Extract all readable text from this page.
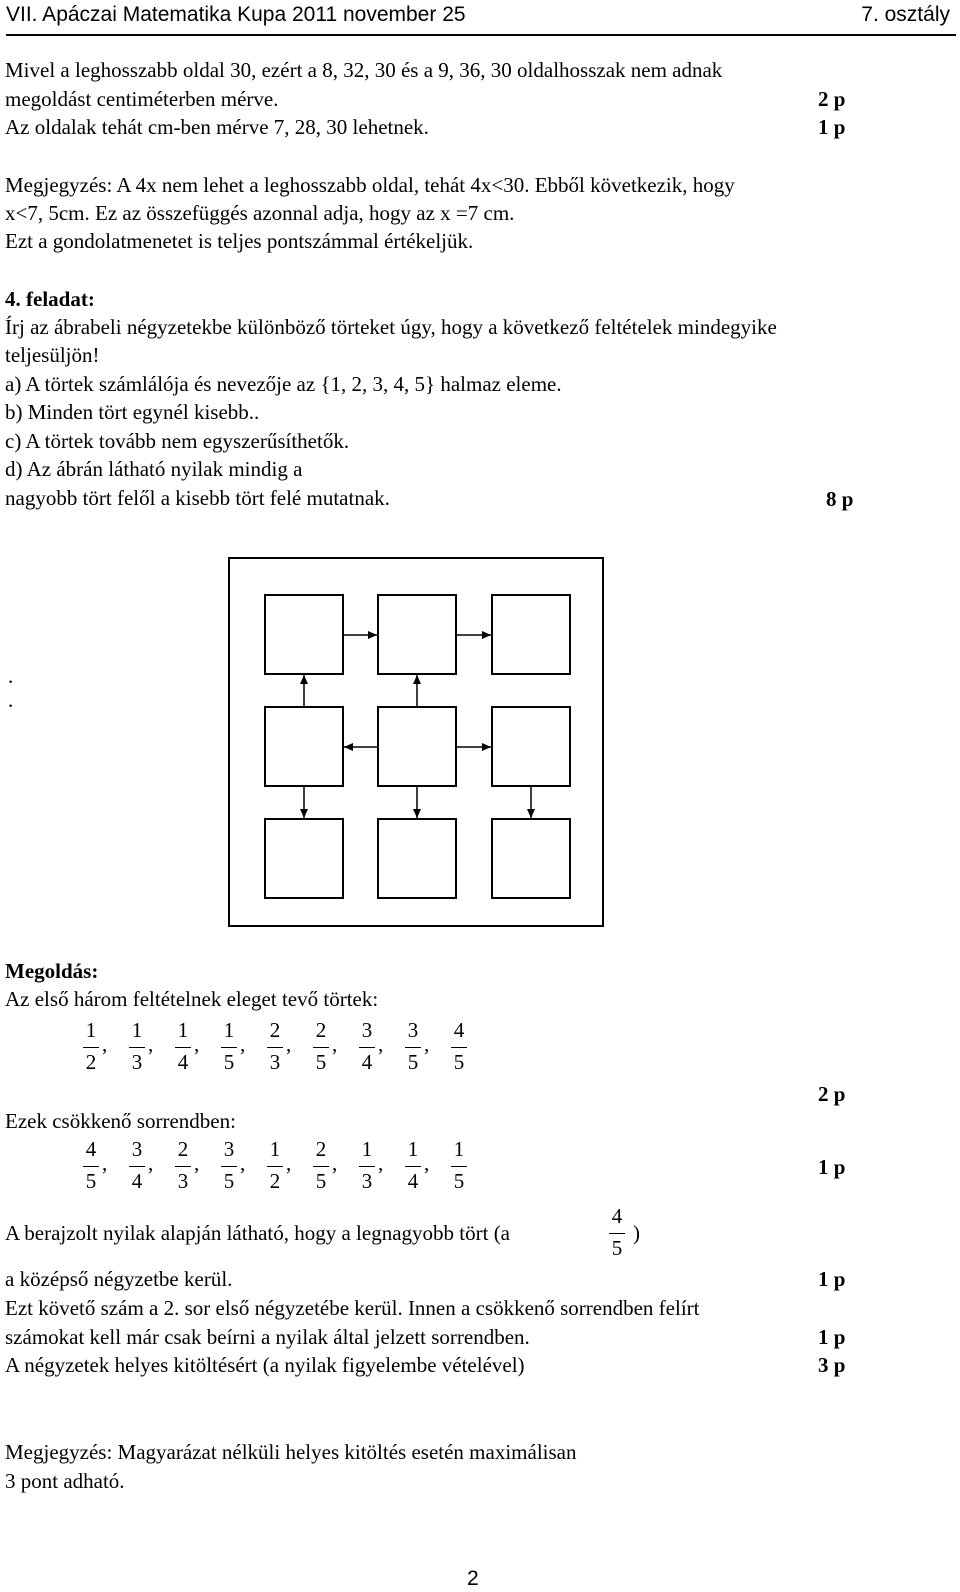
VII. Apáczai Matematika Kupa 2011 november 25	7. osztály
Mivel a leghosszabb oldal 30, ezért a 8, 32, 30 és a 9, 36, 30 oldalhosszak nem adnak
megoldást centiméterben mérve.	2 p
Az oldalak tehát cm-ben mérve 7, 28, 30 lehetnek.	1 p
Megjegyzés: A 4x nem lehet a leghosszabb oldal, tehát 4x<30. Ebből következik, hogy
x<7, 5cm. Ez az összefüggés azonnal adja, hogy az x =7 cm.
Ezt a gondolatmenetet is teljes pontszámmal értékeljük.
4. feladat:
Írj az ábrabeli négyzetekbe különböző törteket úgy, hogy a következő feltételek mindegyike
teljesüljön!
a) A törtek számlálója és nevezője az {1, 2, 3, 4, 5} halmaz eleme.
b) Minden tört egynél kisebb..
c) A törtek tovább nem egyszerűsíthetők.
d) Az ábrán látható nyilak mindig a
nagyobb tört felől a kisebb tört felé mutatnak.	8 p
.
.
Megoldás:
Az első három feltételnek eleget tevő törtek:
1
2
,
1
3
,
1
4
,
1
5
,
2
3
,
2
5
,
3
4
,
3
5
,
4
5
2 p
Ezek csökkenő sorrendben:
4
5
,
3
4
,
2
3
,
3
5
,
1
2
,
2
5
,
1
3
,
1
4
,
1
5
1 p
A berajzolt nyilak alapján látható, hogy a legnagyobb tört (a
4
5
)
a középső négyzetbe kerül.	1 p
Ezt követő szám a 2. sor első négyzetébe kerül. Innen a csökkenő sorrendben felírt
számokat kell már csak beírni a nyilak által jelzett sorrendben.	1 p
A négyzetek helyes kitöltésért (a nyilak figyelembe vételével)	3 p
Megjegyzés: Magyarázat nélküli helyes kitöltés esetén maximálisan
3 pont adható.
2
